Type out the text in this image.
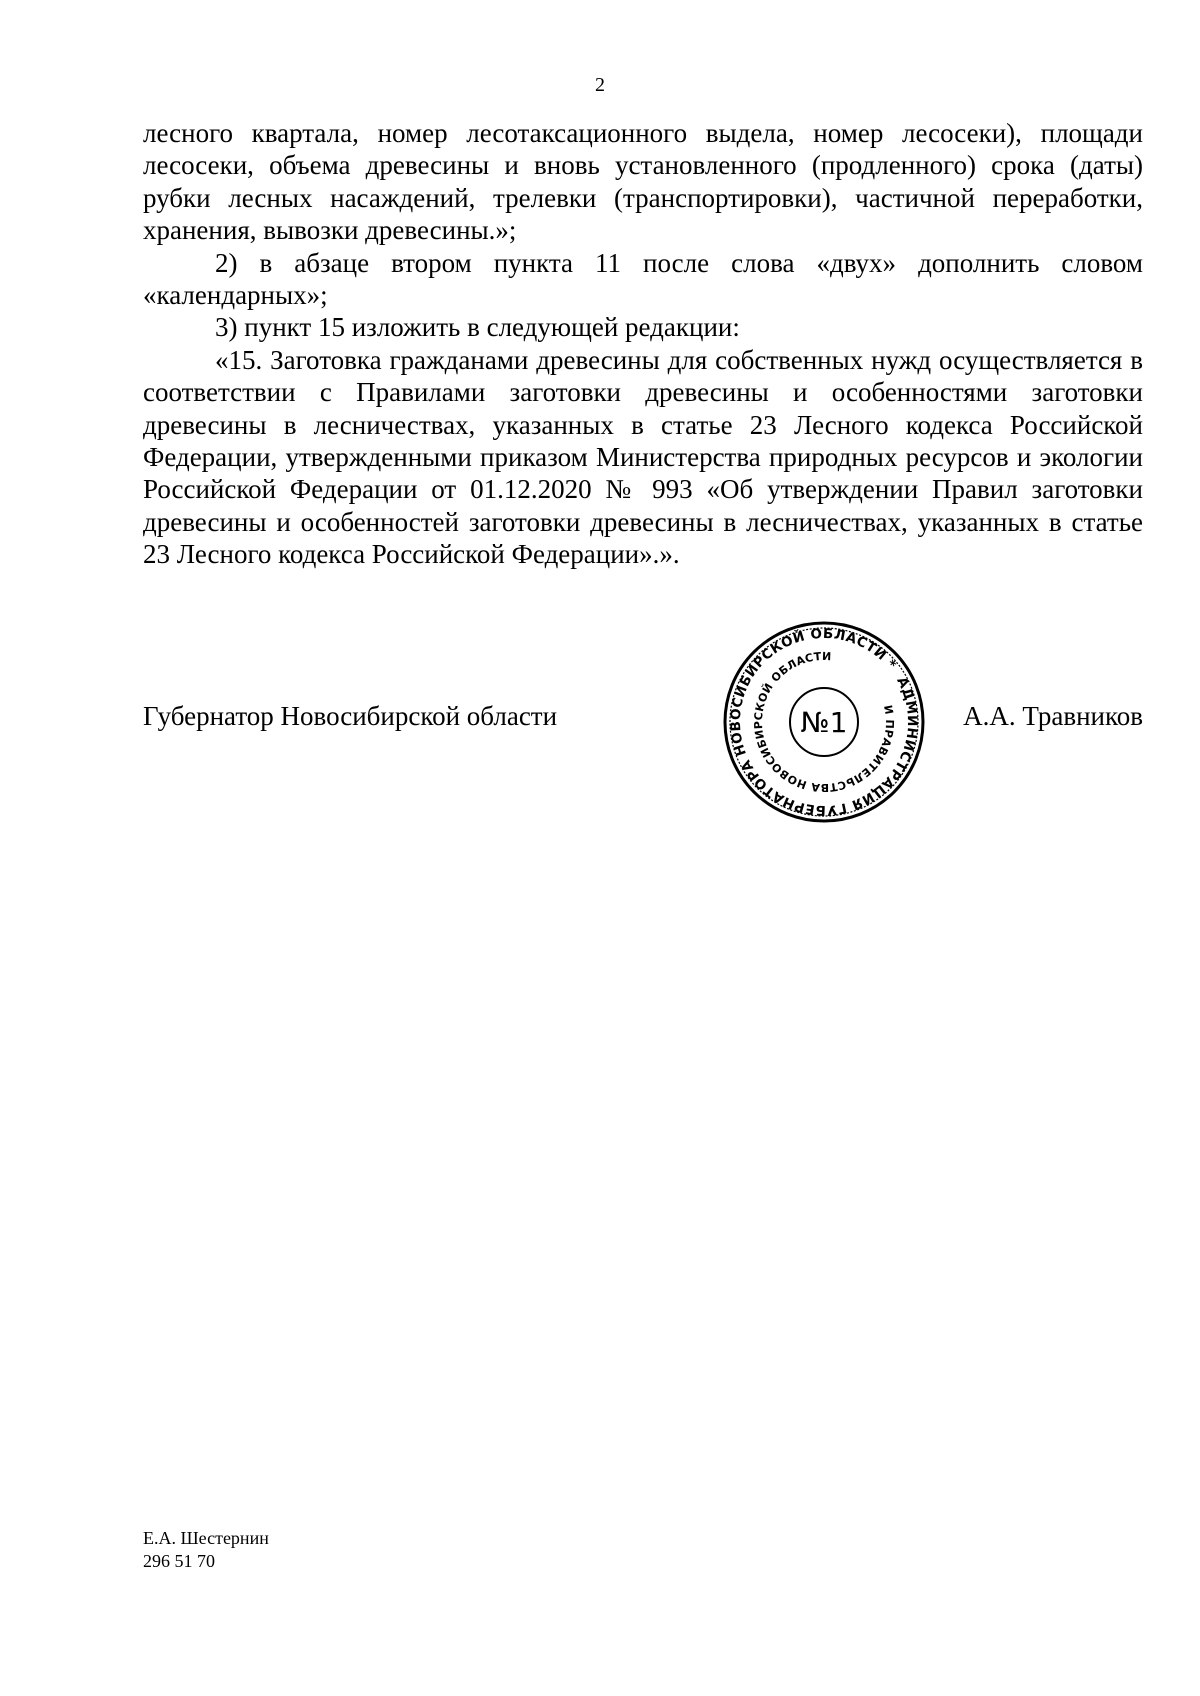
2

лесного квартала, номер лесотаксационного выдела, номер лесосеки), площади лесосеки, объема древесины и вновь установленного (продленного) срока (даты) рубки лесных насаждений, трелевки (транспортировки), частичной переработки, хранения, вывозки древесины.»;

2) в абзаце втором пункта 11 после слова «двух» дополнить словом «календарных»;

3) пункт 15 изложить в следующей редакции:

«15. Заготовка гражданами древесины для собственных нужд осуществляется в соответствии с Правилами заготовки древесины и особенностями заготовки древесины в лесничествах, указанных в статье 23 Лесного кодекса Российской Федерации, утвержденными приказом Министерства природных ресурсов и экологии Российской Федерации от 01.12.2020 № 993 «Об утверждении Правил заготовки древесины и особенностей заготовки древесины в лесничествах, указанных в статье 23 Лесного кодекса Российской Федерации».».

Губернатор Новосибирской области
АДМИНИСТРАЦИЯ ГУБЕРНАТОРА НОВОСИБИРСКОЙ ОБЛАСТИ *
И ПРАВИТЕЛЬСТВА НОВОСИБИРСКОЙ ОБЛАСТИ
№1	А.А. Травников
Е.А. Шестернин
296 51 70
